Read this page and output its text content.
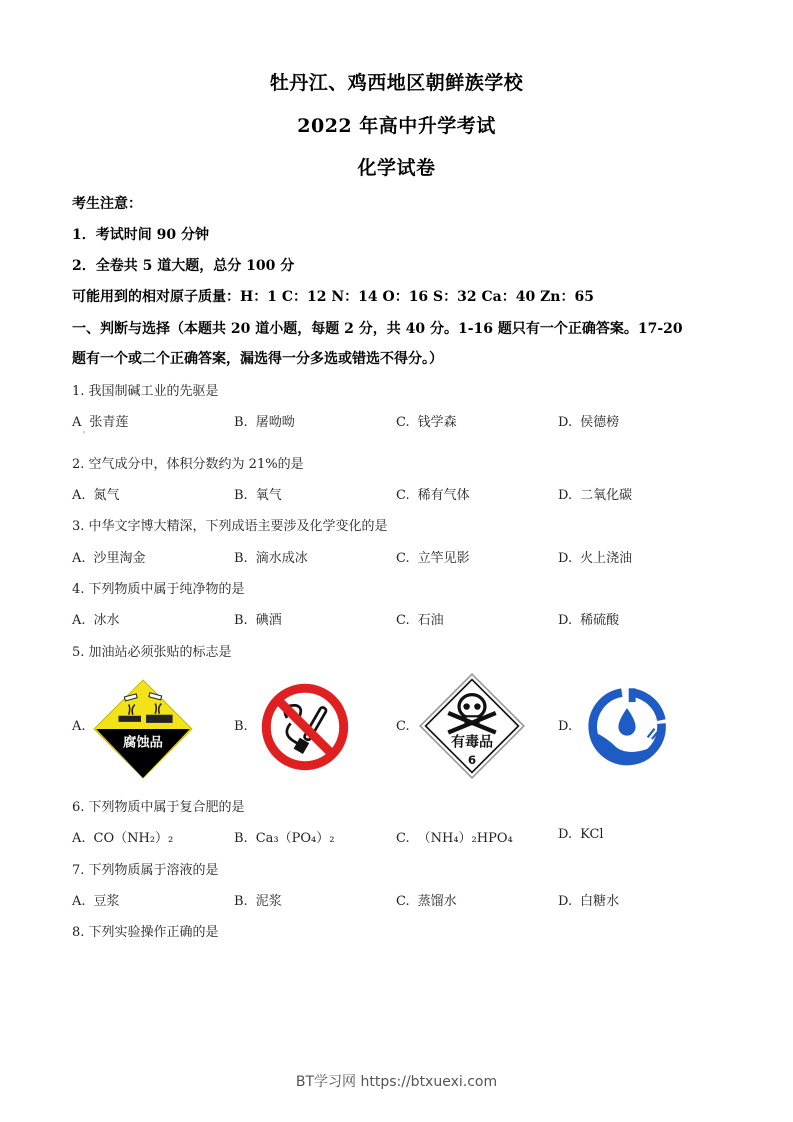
牡丹江、鸡西地区朝鲜族学校
2022 年高中升学考试
化学试卷
考生注意：
1．考试时间 90 分钟
2．全卷共 5 道大题，总分 100 分
可能用到的相对原子质量：H：1 C：12 N：14 O：16 S：32 Ca：40 Zn：65
一、判断与选择（本题共 20 道小题，每题 2 分，共 40 分。1-16 题只有一个正确答案。17-20
题有一个或二个正确答案，漏选得一分多选或错选不得分。）
1. 我国制碱工业的先驱是
A 张青莲
'
B. 屠呦呦	C. 钱学森	D. 侯德榜
2. 空气成分中，体积分数约为 21%的是
A. 氮气	B. 氧气	C. 稀有气体	D. 二氧化碳
3. 中华文字博大精深，下列成语主要涉及化学变化的是
A. 沙里淘金	B. 滴水成冰	C. 立竿见影	D. 火上浇油
4. 下列物质中属于纯净物的是
A. 冰水	B. 碘酒	C. 石油	D. 稀硫酸
5. 加油站必须张贴的标志是
A.
腐蚀品
B.	C.
有毒品
6
D.
6. 下列物质中属于复合肥的是
A. CO（NH₂）₂	B. Ca₃（PO₄）₂	C. （NH₄）₂HPO₄	D. KCl
7. 下列物质属于溶液的是
A. 豆浆	B. 泥浆	C. 蒸馏水	D. 白糖水
8. 下列实验操作正确的是
BT学习网 https://btxuexi.com
